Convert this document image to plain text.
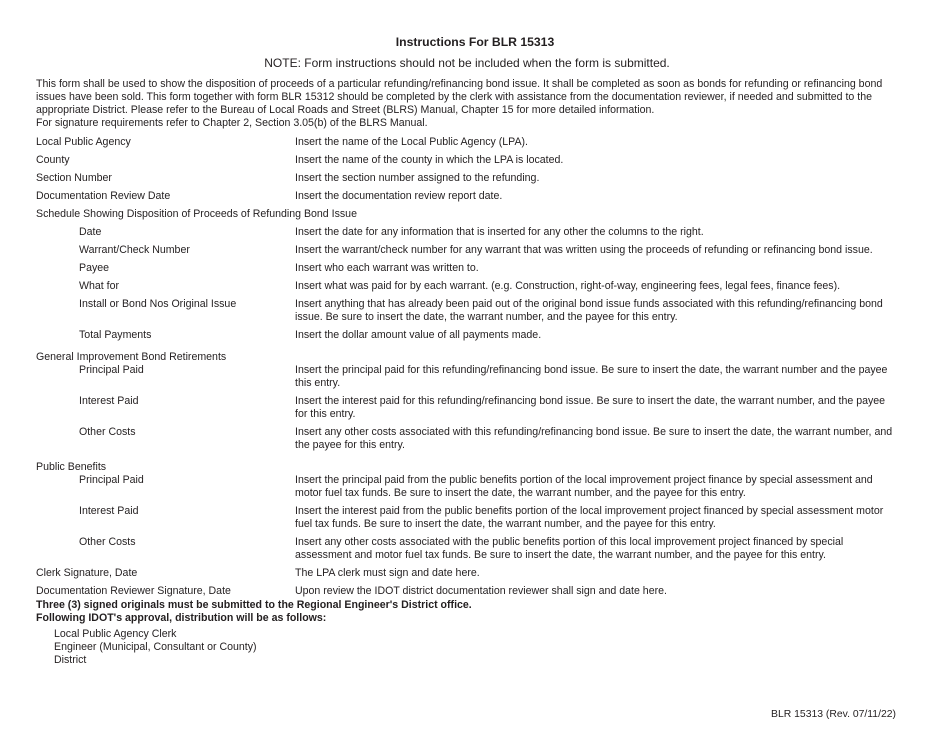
Instructions For BLR 15313
NOTE: Form instructions should not be included when the form is submitted.

This form shall be used to show the disposition of proceeds of a particular refunding/refinancing bond issue. It shall be completed as soon as bonds for refunding or refinancing bond issues have been sold. This form together with form BLR 15312 should be completed by the clerk with assistance from the documentation reviewer, if needed and submitted to the appropriate District. Please refer to the Bureau of Local Roads and Street (BLRS) Manual, Chapter 15 for more detailed information.

For signature requirements refer to Chapter 2, Section 3.05(b) of the BLRS Manual.

Local Public Agency	Insert the name of the Local Public Agency (LPA).
County	Insert the name of the county in which the LPA is located.
Section Number	Insert the section number assigned to the refunding.
Documentation Review Date	Insert the documentation review report date.
Schedule Showing Disposition of Proceeds of Refunding Bond Issue

Date	Insert the date for any information that is inserted for any other the columns to the right.
Warrant/Check Number	Insert the warrant/check number for any warrant that was written using the proceeds of refunding or refinancing bond issue.
Payee	Insert who each warrant was written to.
What for	Insert what was paid for by each warrant. (e.g. Construction, right-of-way, engineering fees, legal fees, finance fees).
Install or Bond Nos Original Issue	Insert anything that has already been paid out of the original bond issue funds associated with this refunding/refinancing bond issue. Be sure to insert the date, the warrant number, and the payee for this entry.
Total Payments	Insert the dollar amount value of all payments made.
General Improvement Bond Retirements

Principal Paid	Insert the principal paid for this refunding/refinancing bond issue. Be sure to insert the date, the warrant number and the payee this entry.
Interest Paid	Insert the interest paid for this refunding/refinancing bond issue. Be sure to insert the date, the warrant number, and the payee for this entry.
Other Costs	Insert any other costs associated with this refunding/refinancing bond issue. Be sure to insert the date, the warrant number, and the payee for this entry.
Public Benefits

Principal Paid	Insert the principal paid from the public benefits portion of the local improvement project finance by special assessment and motor fuel tax funds. Be sure to insert the date, the warrant number, and the payee for this entry.
Interest Paid	Insert the interest paid from the public benefits portion of the local improvement project financed by special assessment motor fuel tax funds. Be sure to insert the date, the warrant number, and the payee for this entry.
Other Costs	Insert any other costs associated with the public benefits portion of this local improvement project financed by special assessment and motor fuel tax funds. Be sure to insert the date, the warrant number, and the payee for this entry.
Clerk Signature, Date	The LPA clerk must sign and date here.
Documentation Reviewer Signature, Date	Upon review the IDOT district documentation reviewer shall sign and date here.
Three (3) signed originals must be submitted to the Regional Engineer's District office.
Following IDOT's approval, distribution will be as follows:
Local Public Agency Clerk
Engineer (Municipal, Consultant or County)
District
BLR 15313 (Rev. 07/11/22)
